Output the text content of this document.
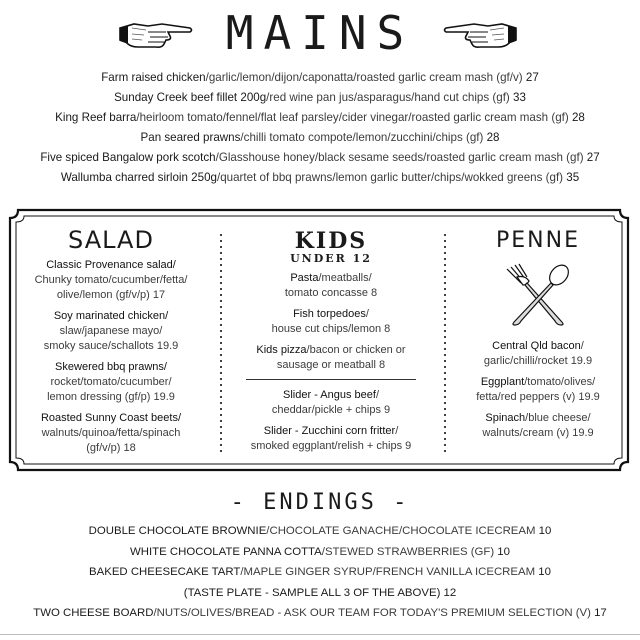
MAINS
Farm raised chicken/garlic/lemon/dijon/caponatta/roasted garlic cream mash (gf/v) 27
Sunday Creek beef fillet 200g/red wine pan jus/asparagus/hand cut chips (gf) 33
King Reef barra/heirloom tomato/fennel/flat leaf parsley/cider vinegar/roasted garlic cream mash (gf) 28
Pan seared prawns/chilli tomato compote/lemon/zucchini/chips (gf) 28
Five spiced Bangalow pork scotch/Glasshouse honey/black sesame seeds/roasted garlic cream mash (gf) 27
Wallumba charred sirloin 250g/quartet of bbq prawns/lemon garlic butter/chips/wokked greens (gf) 35
SALAD
Classic Provenance salad/
Chunky tomato/cucumber/fetta/
olive/lemon (gf/v/p) 17
Soy marinated chicken/
slaw/japanese mayo/
smoky sauce/schallots 19.9
Skewered bbq prawns/
rocket/tomato/cucumber/
lemon dressing (gf/p) 19.9
Roasted Sunny Coast beets/
walnuts/quinoa/fetta/spinach
(gf/v/p) 18
KIDS
UNDER 12
Pasta/meatballs/
tomato concasse 8
Fish torpedoes/
house cut chips/lemon 8
Kids pizza/bacon or chicken or
sausage or meatball 8
Slider - Angus beef/
cheddar/pickle + chips 9
Slider - Zucchini corn fritter/
smoked eggplant/relish + chips 9
PENNE
Central Qld bacon/
garlic/chilli/rocket 19.9
Eggplant/tomato/olives/
fetta/red peppers (v) 19.9
Spinach/blue cheese/
walnuts/cream (v) 19.9
- ENDINGS -
DOUBLE CHOCOLATE BROWNIE/CHOCOLATE GANACHE/CHOCOLATE ICECREAM 10
WHITE CHOCOLATE PANNA COTTA/STEWED STRAWBERRIES (GF) 10
BAKED CHEESECAKE TART/MAPLE GINGER SYRUP/FRENCH VANILLA ICECREAM 10
(TASTE PLATE - SAMPLE ALL 3 OF THE ABOVE) 12
TWO CHEESE BOARD/NUTS/OLIVES/BREAD - ASK OUR TEAM FOR TODAY'S PREMIUM SELECTION (V) 17
